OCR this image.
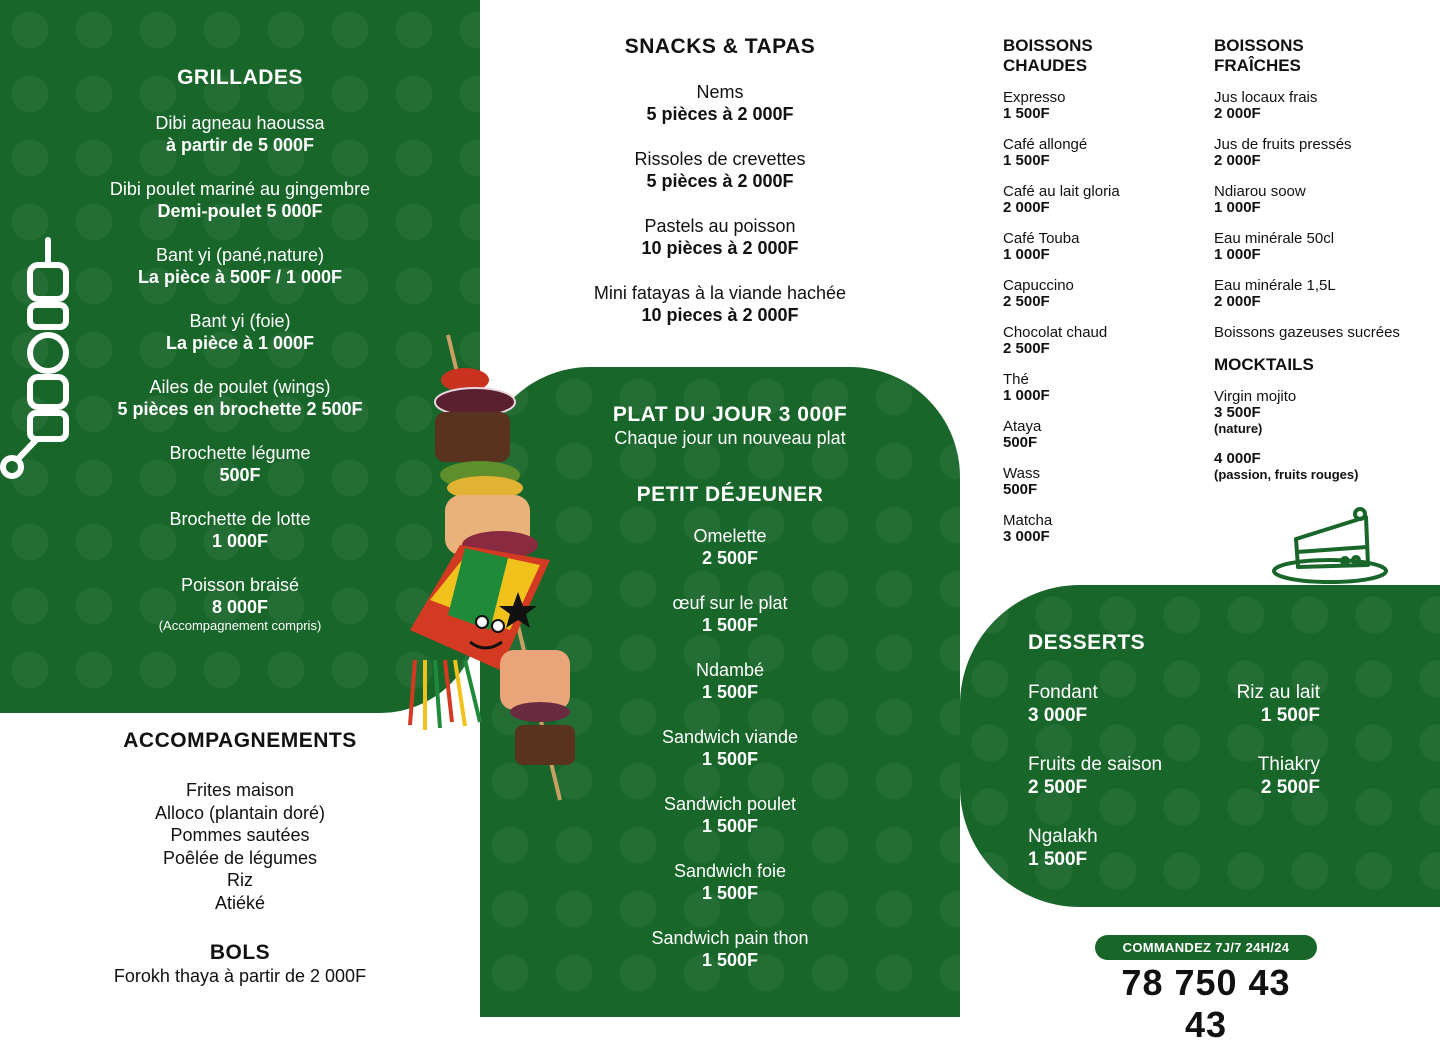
GRILLADES
Dibi agneau haoussa
à partir de 5 000F
Dibi poulet mariné au gingembre
Demi-poulet 5 000F
Bant yi (pané,nature)
La pièce à 500F / 1 000F
Bant yi (foie)
La pièce à 1 000F
Ailes de poulet (wings)
5 pièces en brochette 2 500F
Brochette légume
500F
Brochette de lotte
1 000F
Poisson braisé
8 000F
(Accompagnement compris)
ACCOMPAGNEMENTS
Frites maison
Alloco (plantain doré)
Pommes sautées
Poêlée de légumes
Riz
Atiéké
BOLS
Forokh thaya à partir de 2 000F
SNACKS & TAPAS
Nems
5 pièces à 2 000F
Rissoles de crevettes
5 pièces à 2 000F
Pastels au poisson
10 pièces à 2 000F
Mini fatayas à la viande hachée
10 pieces à 2 000F
PLAT DU JOUR 3 000F
Chaque jour un nouveau plat
PETIT DÉJEUNER
Omelette
2 500F
œuf sur le plat
1 500F
Ndambé
1 500F
Sandwich viande
1 500F
Sandwich poulet
1 500F
Sandwich foie
1 500F
Sandwich pain thon
1 500F
BOISSONS
CHAUDES
Expresso
1 500F
Café allongé
1 500F
Café au lait gloria
2 000F
Café Touba
1 000F
Capuccino
2 500F
Chocolat chaud
2 500F
Thé
1 000F
Ataya
500F
Wass
500F
Matcha
3 000F
BOISSONS
FRAÎCHES
Jus locaux frais
2 000F
Jus de fruits pressés
2 000F
Ndiarou soow
1 000F
Eau minérale 50cl
1 000F
Eau minérale 1,5L
2 000F
Boissons gazeuses sucrées
MOCKTAILS
Virgin mojito
3 500F
(nature)
4 000F
(passion, fruits rouges)
DESSERTS
Fondant
3 000F
Riz au lait
1 500F
Fruits de saison
2 500F
Thiakry
2 500F
Ngalakh
1 500F
COMMANDEZ 7J/7 24H/24
78 750 43 43
